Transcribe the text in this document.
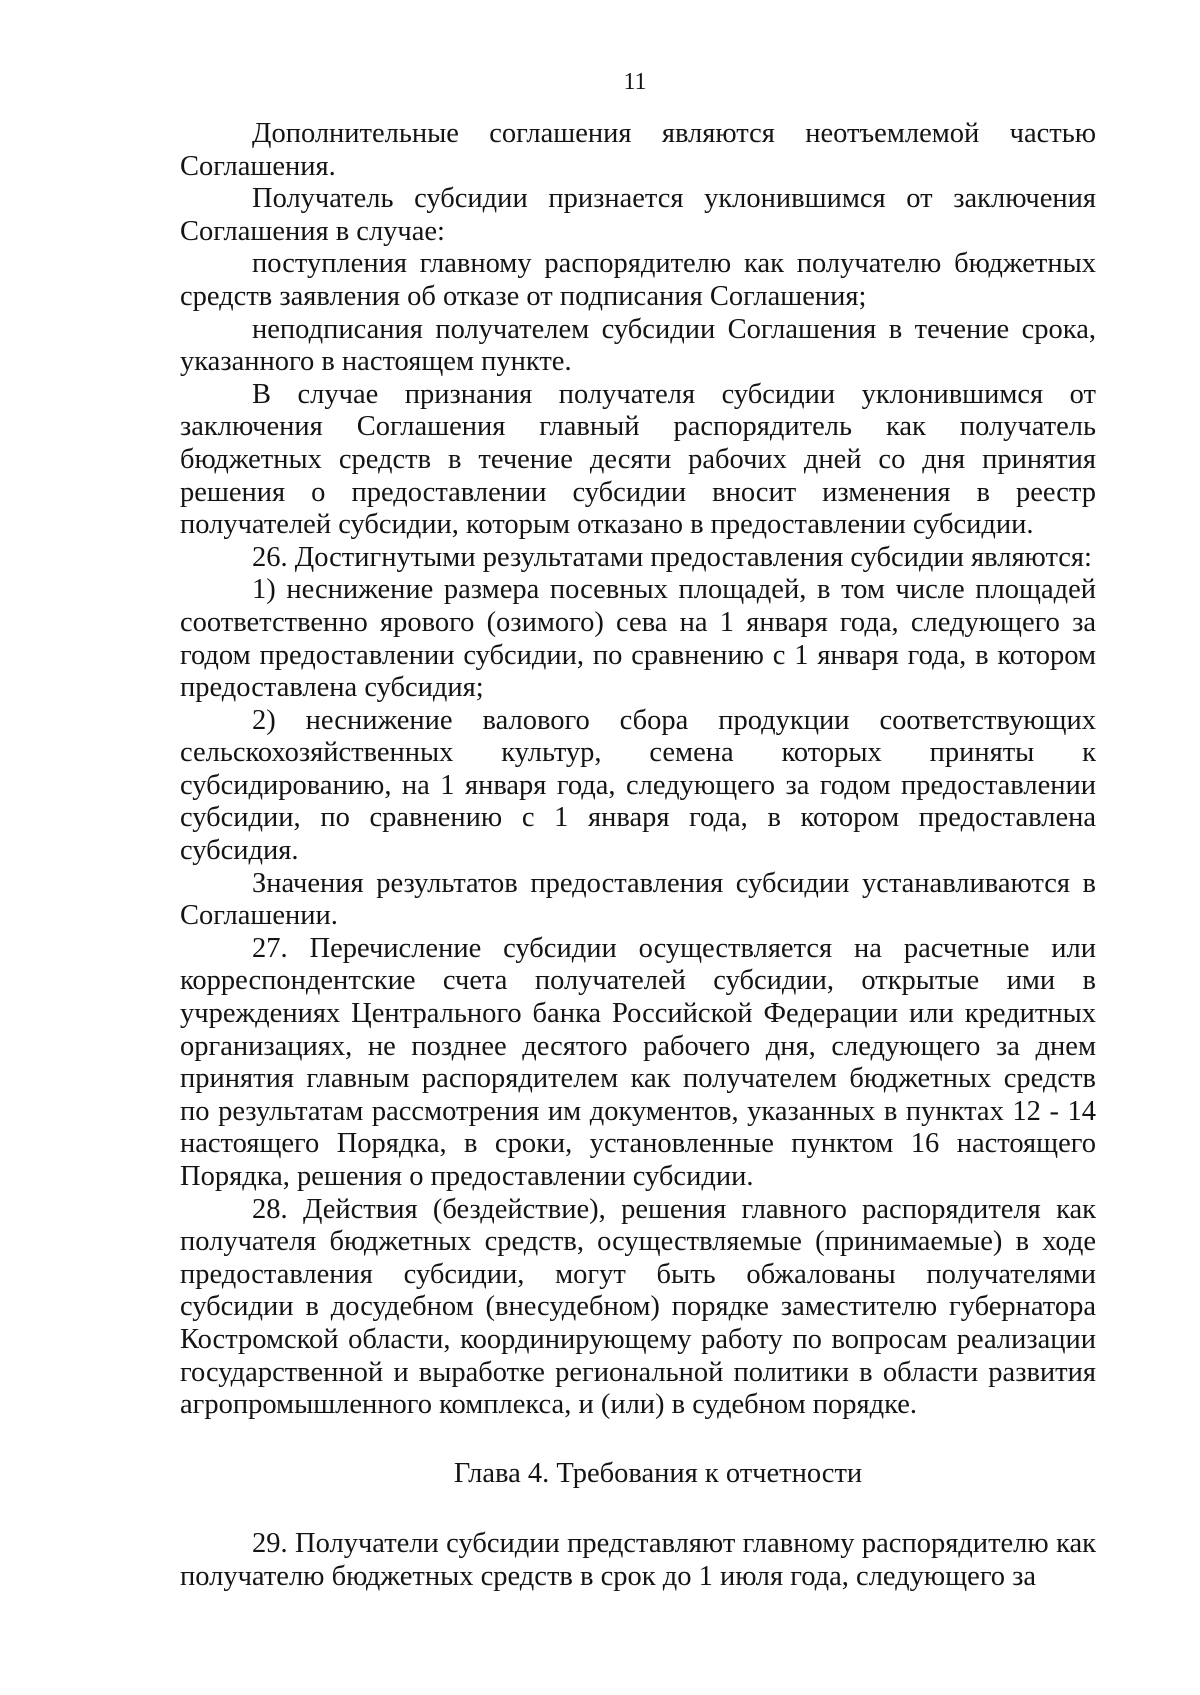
11

Дополнительные соглашения являются неотъемлемой частью Соглашения.

Получатель субсидии признается уклонившимся от заключения Соглашения в случае:

поступления главному распорядителю как получателю бюджетных средств заявления об отказе от подписания Соглашения;

неподписания получателем субсидии Соглашения в течение срока, указанного в настоящем пункте.

В случае признания получателя субсидии уклонившимся от заключения Соглашения главный распорядитель как получатель бюджетных средств в течение десяти рабочих дней со дня принятия решения о предоставлении субсидии вносит изменения в реестр получателей субсидии, которым отказано в предоставлении субсидии.

26. Достигнутыми результатами предоставления субсидии являются:

1) неснижение размера посевных площадей, в том числе площадей соответственно ярового (озимого) сева на 1 января года, следующего за годом предоставлении субсидии, по сравнению с 1 января года, в котором предоставлена субсидия;

2) неснижение валового сбора продукции соответствующих сельскохозяйственных культур, семена которых приняты к субсидированию, на 1 января года, следующего за годом предоставлении субсидии, по сравнению с 1 января года, в котором предоставлена субсидия.

Значения результатов предоставления субсидии устанавливаются в Соглашении.

27. Перечисление субсидии осуществляется на расчетные или корреспондентские счета получателей субсидии, открытые ими в учреждениях Центрального банка Российской Федерации или кредитных организациях, не позднее десятого рабочего дня, следующего за днем принятия главным распорядителем как получателем бюджетных средств по результатам рассмотрения им документов, указанных в пунктах 12 - 14 настоящего Порядка, в сроки, установленные пунктом 16 настоящего Порядка, решения о предоставлении субсидии.

28. Действия (бездействие), решения главного распорядителя как получателя бюджетных средств, осуществляемые (принимаемые) в ходе предоставления субсидии, могут быть обжалованы получателями субсидии в досудебном (внесудебном) порядке заместителю губернатора Костромской области, координирующему работу по вопросам реализации государственной и выработке региональной политики в области развития агропромышленного комплекса, и (или) в судебном порядке.

Глава 4. Требования к отчетности

29. Получатели субсидии представляют главному распорядителю как получателю бюджетных средств в срок до 1 июля года, следующего за
